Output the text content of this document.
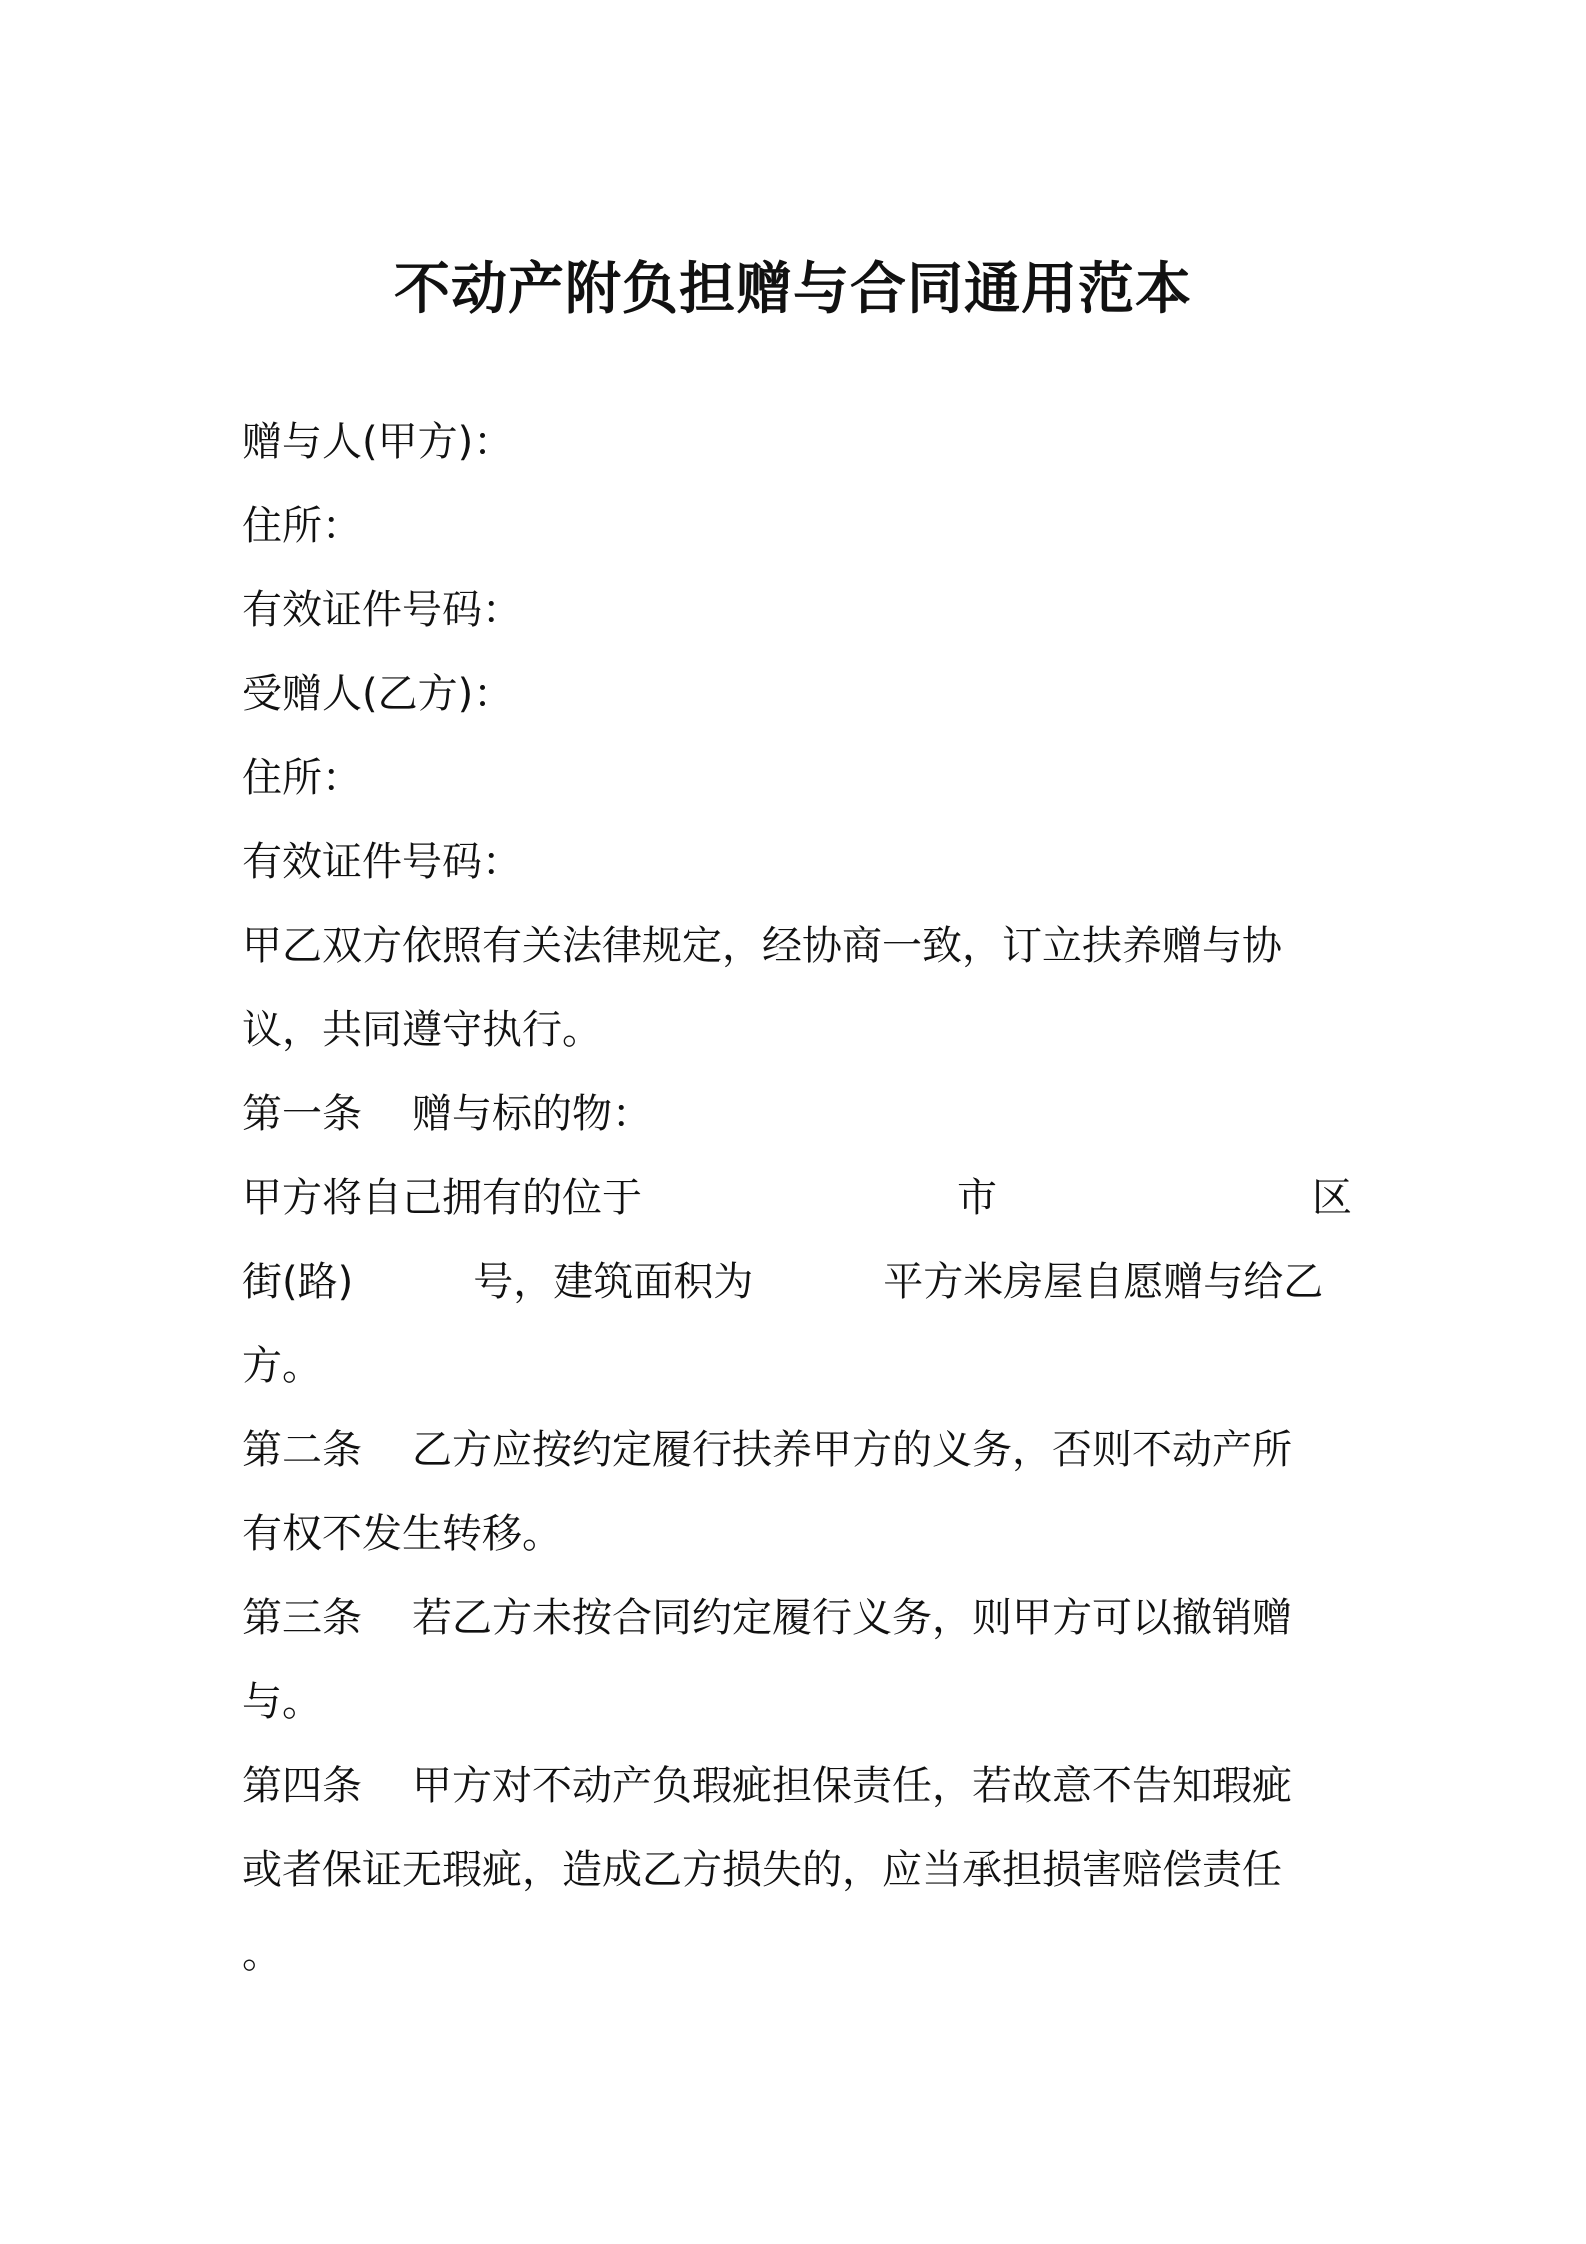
不动产附负担赠与合同通用范本
赠与人(甲方)：
住所：
有效证件号码：
受赠人(乙方)：
住所：
有效证件号码：
甲乙双方依照有关法律规定，经协商一致，订立扶养赠与协
议，共同遵守执行。
第一条 赠与标的物：
甲方将自己拥有的位于	市	区
街(路)	号，建筑面积为	平方米房屋自愿赠与给乙
方。
第二条 乙方应按约定履行扶养甲方的义务，否则不动产所
有权不发生转移。
第三条 若乙方未按合同约定履行义务，则甲方可以撤销赠
与。
第四条 甲方对不动产负瑕疵担保责任，若故意不告知瑕疵
或者保证无瑕疵，造成乙方损失的，应当承担损害赔偿责任
。
